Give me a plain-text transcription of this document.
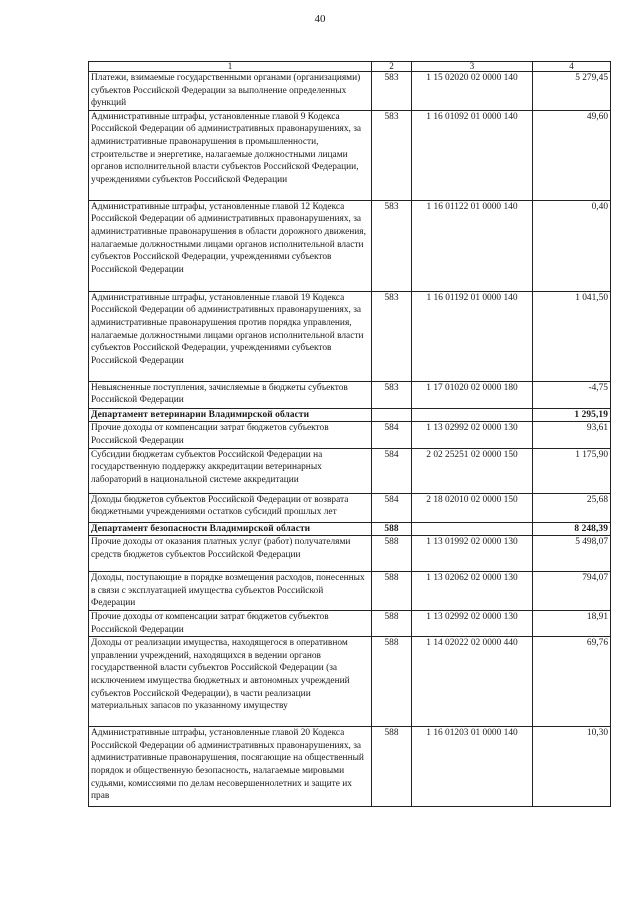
40
1	2	3	4
Платежи, взимаемые государственными органами (организациями) субъектов Российской Федерации за выполнение определенных функций	583	1 15 02020 02 0000 140	5 279,45
Административные штрафы, установленные главой 9 Кодекса Российской Федерации об административных правонарушениях, за административные правонарушения в промышленности, строительстве и энергетике, налагаемые должностными лицами органов исполнительной власти субъектов Российской Федерации, учреждениями субъектов Российской Федерации	583	1 16 01092 01 0000 140	49,60
Административные штрафы, установленные главой 12 Кодекса Российской Федерации об административных правонарушениях, за административные правонарушения в области дорожного движения, налагаемые должностными лицами органов исполнительной власти субъектов Российской Федерации, учреждениями субъектов Российской Федерации	583	1 16 01122 01 0000 140	0,40
Административные штрафы, установленные главой 19 Кодекса Российской Федерации об административных правонарушениях, за административные правонарушения против порядка управления, налагаемые должностными лицами органов исполнительной власти субъектов Российской Федерации, учреждениями субъектов Российской Федерации	583	1 16 01192 01 0000 140	1 041,50
Невыясненные поступления, зачисляемые в бюджеты субъектов Российской Федерации	583	1 17 01020 02 0000 180	-4,75
Департамент ветеринарии Владимирской области			1 295,19
Прочие доходы от компенсации затрат бюджетов субъектов Российской Федерации	584	1 13 02992 02 0000 130	93,61
Субсидии бюджетам субъектов Российской Федерации на государственную поддержку аккредитации ветеринарных лабораторий в национальной системе аккредитации	584	2 02 25251 02 0000 150	1 175,90
Доходы бюджетов субъектов Российской Федерации от возврата бюджетными учреждениями остатков субсидий прошлых лет	584	2 18 02010 02 0000 150	25,68
Департамент безопасности Владимирской области	588		8 248,39
Прочие доходы от оказания платных услуг (работ) получателями средств бюджетов субъектов Российской Федерации	588	1 13 01992 02 0000 130	5 498,07
Доходы, поступающие в порядке возмещения расходов, понесенных в связи с эксплуатацией имущества субъектов Российской Федерации	588	1 13 02062 02 0000 130	794,07
Прочие доходы от компенсации затрат бюджетов субъектов Российской Федерации	588	1 13 02992 02 0000 130	18,91
Доходы от реализации имущества, находящегося в оперативном управлении учреждений, находящихся в ведении органов государственной власти субъектов Российской Федерации (за исключением имущества бюджетных и автономных учреждений субъектов Российской Федерации), в части реализации материальных запасов по указанному имуществу	588	1 14 02022 02 0000 440	69,76
Административные штрафы, установленные главой 20 Кодекса Российской Федерации об административных правонарушениях, за административные правонарушения, посягающие на общественный порядок и общественную безопасность, налагаемые мировыми судьями, комиссиями по делам несовершеннолетних и защите их прав	588	1 16 01203 01 0000 140	10,30
